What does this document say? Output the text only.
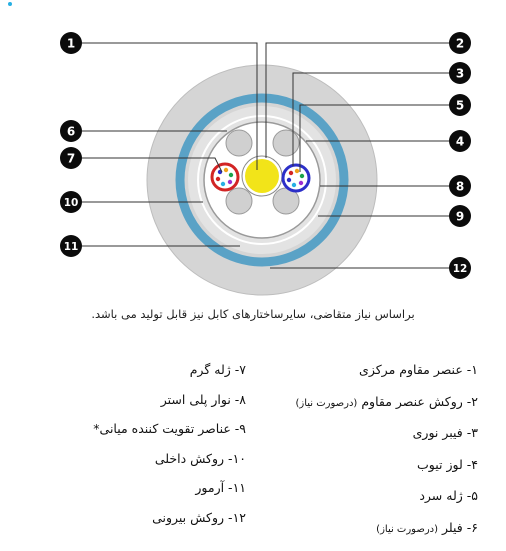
1	2
3
5
4
6
7
8
9
10
11
12
براساس نیاز متقاضی، سایرساختارهای کابل نیز قابل تولید می باشد.
۱- عنصر مقاوم مرکزی
۲- روکش عنصر مقاوم (درصورت نیاز)
۳- فیبر نوری
۴- لوز تیوب
۵- ژله سرد
۶- فیلر (درصورت نیاز)
۷- ژله گرم
۸- نوار پلی استر
۹- عناصر تقویت کننده میانی*
۱۰- روکش داخلی
۱۱- آرمور
۱۲- روکش بیرونی
